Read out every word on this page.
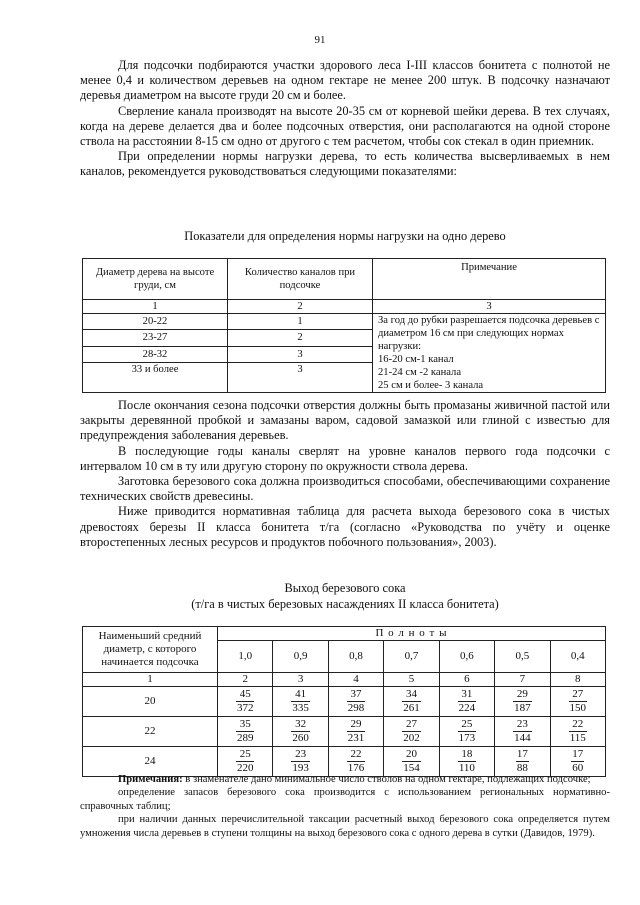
91

Для подсочки подбираются участки здорового леса I-III классов бонитета с полнотой не менее 0,4 и количеством деревьев на одном гектаре не менее 200 штук. В подсочку назначают деревья диаметром на высоте груди 20 см и более.

Сверление канала производят на высоте 20-35 см от корневой шейки дерева. В тех случаях, когда на дереве делается два и более подсочных отверстия, они располагаются на одной стороне ствола на расстоянии 8-15 см одно от другого с тем расчетом, чтобы сок стекал в один приемник.

При определении нормы нагрузки дерева, то есть количества высверливаемых в нем каналов, рекомендуется руководствоваться следующими показателями:

Показатели для определения нормы нагрузки на одно дерево
Диаметр дерева на высоте груди, см	Количество каналов при подсочке	Примечание
1	2	3
20-22	1	За год до рубки разрешается подсочка деревьев с
диаметром 16 см при следующих нормах нагрузки:
16-20 см-1 канал
21-24 см -2 канала
25 см и более- 3 канала

23-27	2	
28-32	3	
33 и более	3	

После окончания сезона подсочки отверстия должны быть промазаны живичной пастой или закрыты деревянной пробкой и замазаны варом, садовой замазкой или глиной с известью для предупреждения заболевания деревьев.

В последующие годы каналы сверлят на уровне каналов первого года подсочки с интервалом 10 см в ту или другую сторону по окружности ствола дерева.

Заготовка березового сока должна производиться способами, обеспечивающими сохранение технических свойств древесины.

Ниже приводится нормативная таблица для расчета выхода березового сока в чистых древостоях березы II класса бонитета т/га (согласно «Руководства по учёту и оценке второстепенных лесных ресурсов и продуктов побочного пользования», 2003).

Выход березового сока
(т/га в чистых березовых насаждениях II класса бонитета)
Наименьший средний диаметр, с которого начинается подсочка	П о л н о т ы						
	1,0	0,9	0,8	0,7	0,6	0,5	0,4
1	2	3	4	5	6	7	8
20	$\frac{45}{372}$	$\frac{41}{335}$	$\frac{37}{298}$	$\frac{34}{261}$	$\frac{31}{224}$	$\frac{29}{187}$	$\frac{27}{150}$

22	$\frac{35}{289}$	$\frac{32}{260}$	$\frac{29}{231}$	$\frac{27}{202}$	$\frac{25}{173}$	$\frac{23}{144}$	$\frac{22}{115}$

24	$\frac{25}{220}$	$\frac{23}{193}$	$\frac{22}{176}$	$\frac{20}{154}$	$\frac{18}{110}$	$\frac{17}{88}$	$\frac{17}{60}$

Примечания: в знаменателе дано минимальное число стволов на одном гектаре, подлежащих подсочке;

определение запасов березового сока производится с использованием региональных нормативно-справочных таблиц;

при наличии данных перечислительной таксации расчетный выход березового сока определяется путем умножения числа деревьев в ступени толщины на выход березового сока с одного дерева в сутки (Давидов, 1979).
